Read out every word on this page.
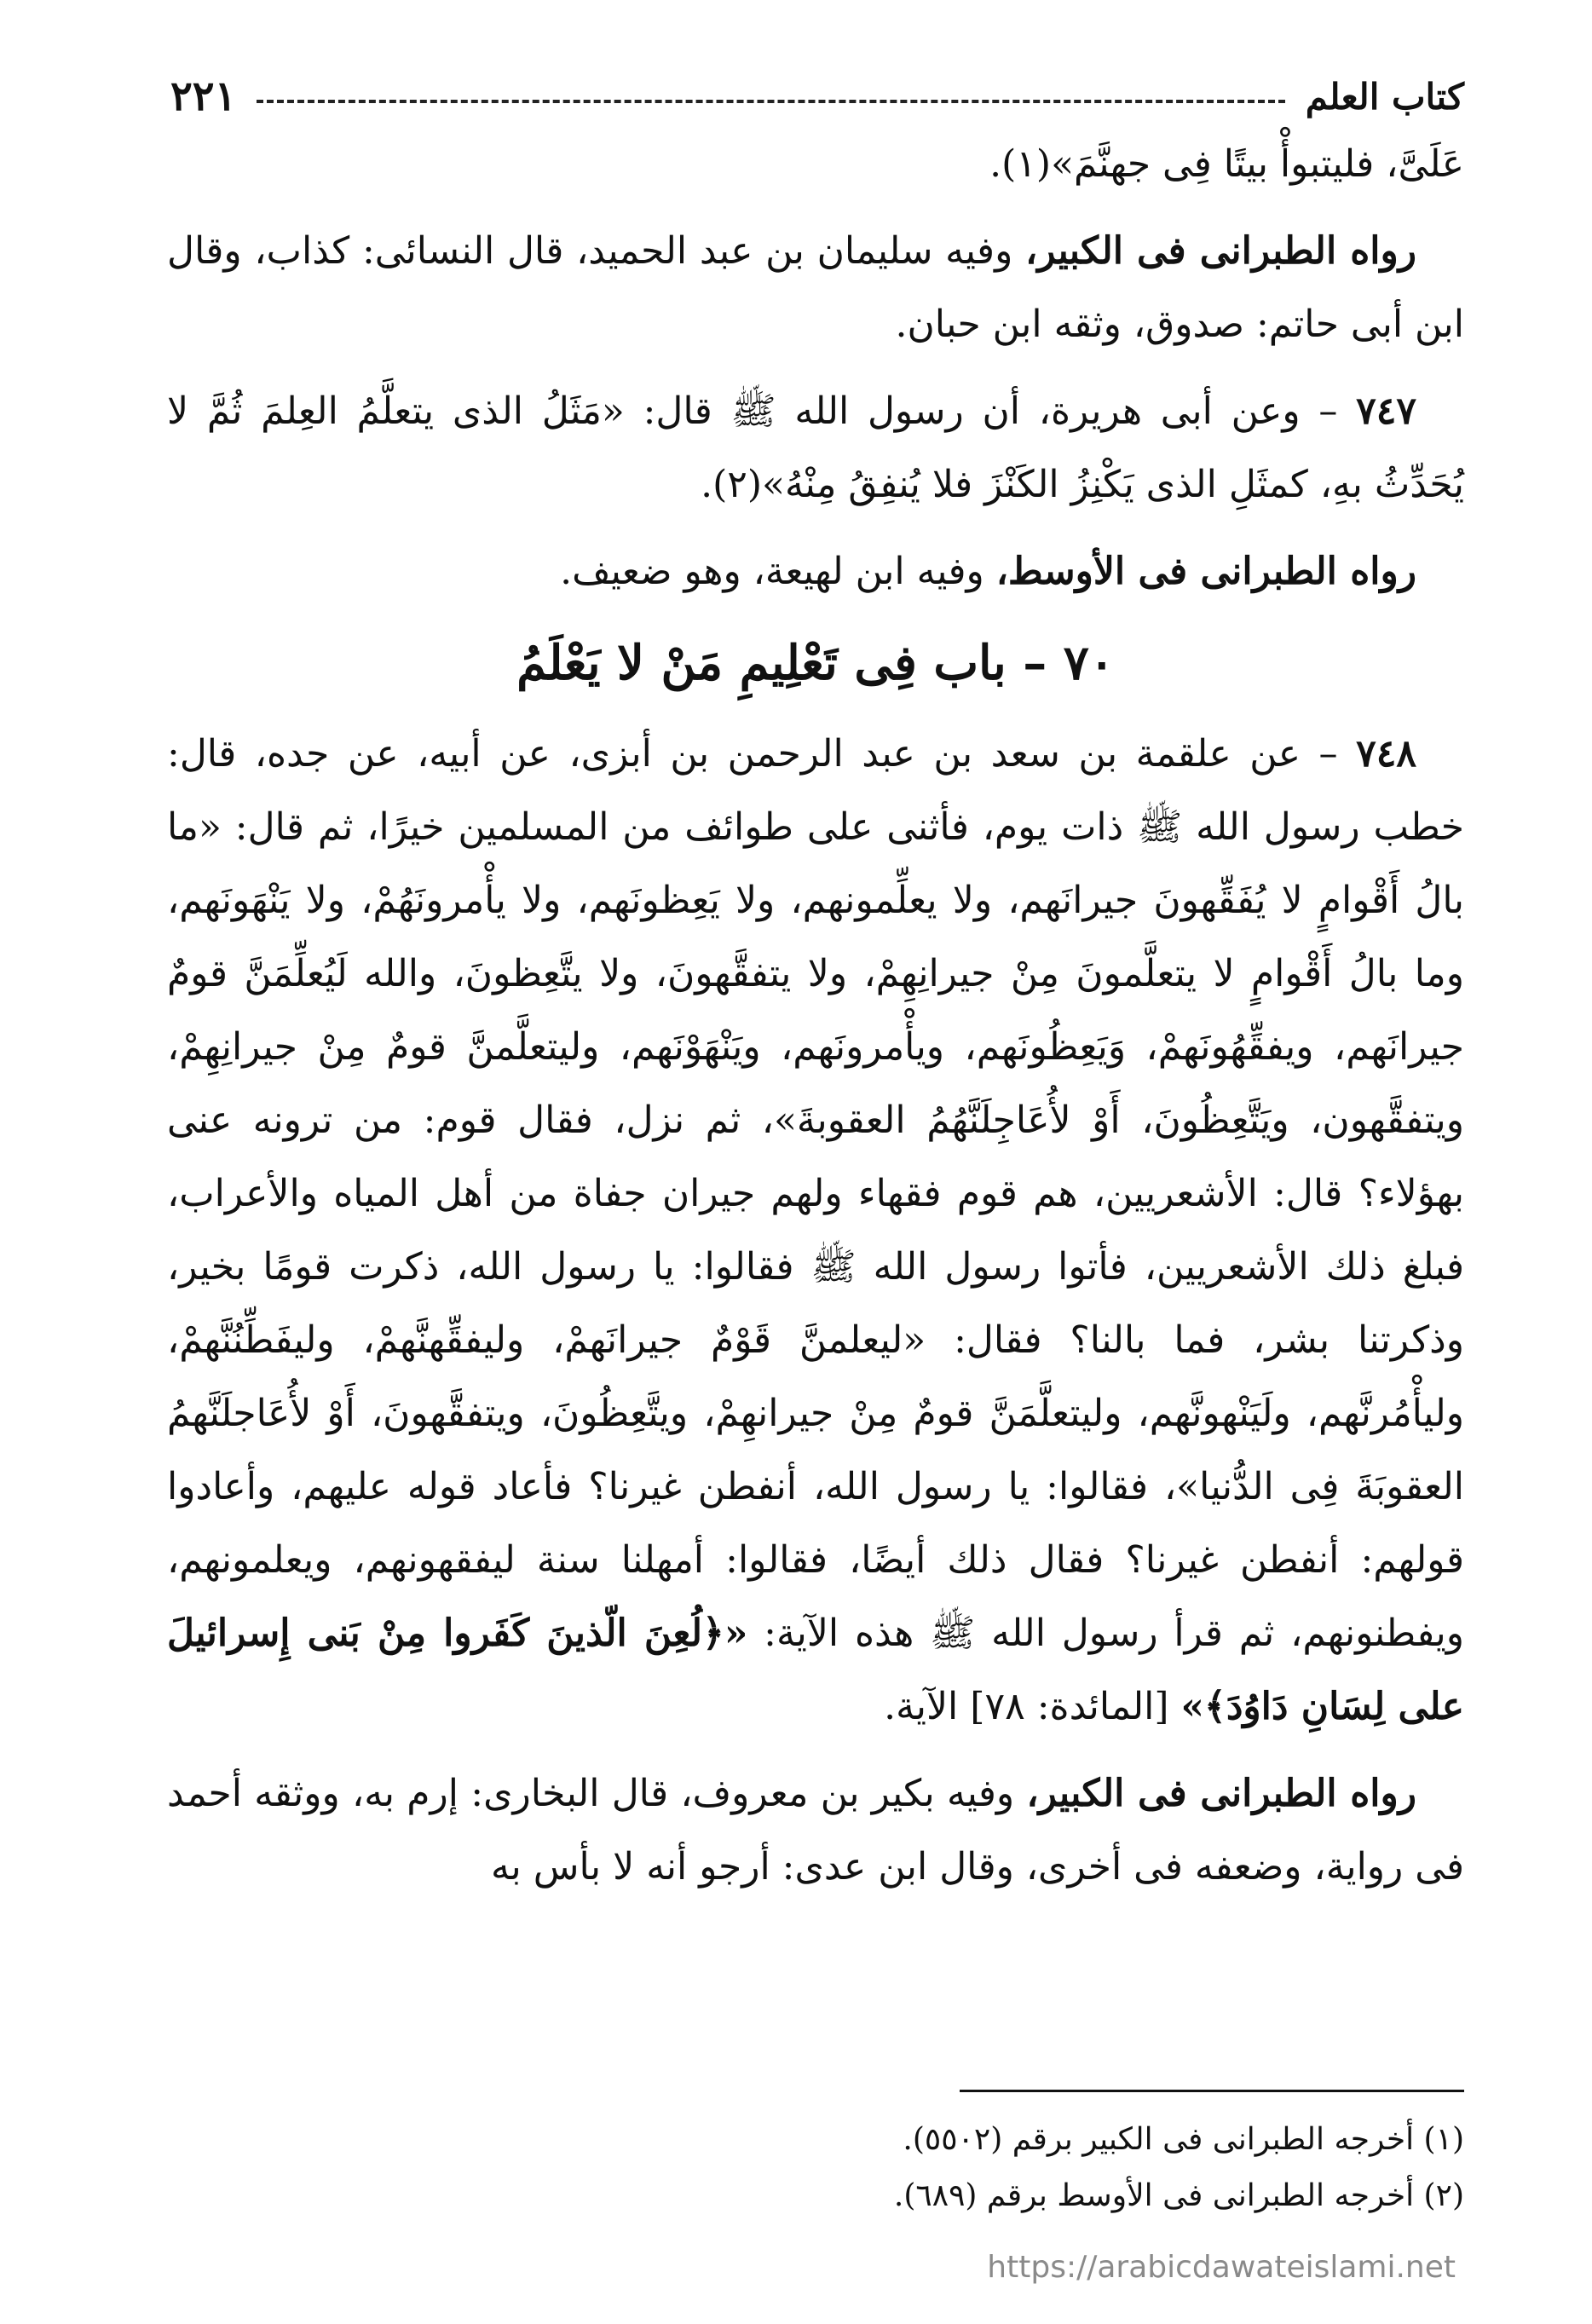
كتاب العلم
٢٢١

عَلَىَّ، فليتبوأْ بيتًا فِى جهنَّمَ»(١).

رواه الطبرانى فى الكبير، وفيه سليمان بن عبد الحميد، قال النسائى: كذاب، وقال ابن أبى حاتم: صدوق، وثقه ابن حبان.

٧٤٧ – وعن أبى هريرة، أن رسول الله ﷺ قال: «مَثَلُ الذى يتعلَّمُ العِلمَ ثُمَّ لا يُحَدِّثُ بهِ، كمثَلِ الذى يَكْنِزُ الكَنْزَ فلا يُنفِقُ مِنْهُ»(٢).

رواه الطبرانى فى الأوسط، وفيه ابن لهيعة، وهو ضعيف.

٧٠ – باب فِى تَعْلِيمِ مَنْ لا يَعْلَمُ

٧٤٨ – عن علقمة بن سعد بن عبد الرحمن بن أبزى، عن أبيه، عن جده، قال: خطب رسول الله ﷺ ذات يوم، فأثنى على طوائف من المسلمين خيرًا، ثم قال: «ما بالُ أَقْوامٍ لا يُفَقِّهونَ جيرانَهم، ولا يعلِّمونهم، ولا يَعِظونَهم، ولا يأْمرونَهُمْ، ولا يَنْهَونَهم، وما بالُ أَقْوامٍ لا يتعلَّمونَ مِنْ جيرانِهِمْ، ولا يتفقَّهونَ، ولا يتَّعِظونَ، والله لَيُعلِّمَنَّ قومٌ جيرانَهم، ويفقِّهُونَهمْ، وَيَعِظُونَهم، ويأْمرونَهم، ويَنْهَوْنَهم، وليتعلَّمنَّ قومٌ مِنْ جيرانِهِمْ، ويتفقَّهون، ويَتَّعِظُونَ، أَوْ لأُعَاجِلَنَّهُمُ العقوبةَ»، ثم نزل، فقال قوم: من ترونه عنى بهؤلاء؟ قال: الأشعريين، هم قوم فقهاء ولهم جيران جفاة من أهل المياه والأعراب، فبلغ ذلك الأشعريين، فأتوا رسول الله ﷺ فقالوا: يا رسول الله، ذكرت قومًا بخير، وذكرتنا بشر، فما بالنا؟ فقال: «ليعلمنَّ قَوْمٌ جيرانَهمْ، وليفقِّهنَّهمْ، وليفَطِّنُنَّهمْ، وليأْمُرنَّهم، ولَيَنْهونَّهم، وليتعلَّمَنَّ قومٌ مِنْ جيرانهِمْ، ويتَّعِظُونَ، ويتفقَّهونَ، أَوْ لأُعَاجلَنَّهمُ العقوبَةَ فِى الدُّنيا»، فقالوا: يا رسول الله، أنفطن غيرنا؟ فأعاد قوله عليهم، وأعادوا قولهم: أنفطن غيرنا؟ فقال ذلك أيضًا، فقالوا: أمهلنا سنة ليفقهونهم، ويعلمونهم، ويفطنونهم، ثم قرأ رسول الله ﷺ هذه الآية: «﴿لُعِنَ الّذينَ كَفَروا مِنْ بَنى إِسرائيلَ على لِسَانِ دَاوُدَ﴾» [المائدة: ٧٨] الآية.

رواه الطبرانى فى الكبير، وفيه بكير بن معروف، قال البخارى: إرم به، ووثقه أحمد فى رواية، وضعفه فى أخرى، وقال ابن عدى: أرجو أنه لا بأس به

(١) أخرجه الطبرانى فى الكبير برقم (٥٥٠٢).

(٢) أخرجه الطبرانى فى الأوسط برقم (٦٨٩).

https://arabicdawateislami.net
